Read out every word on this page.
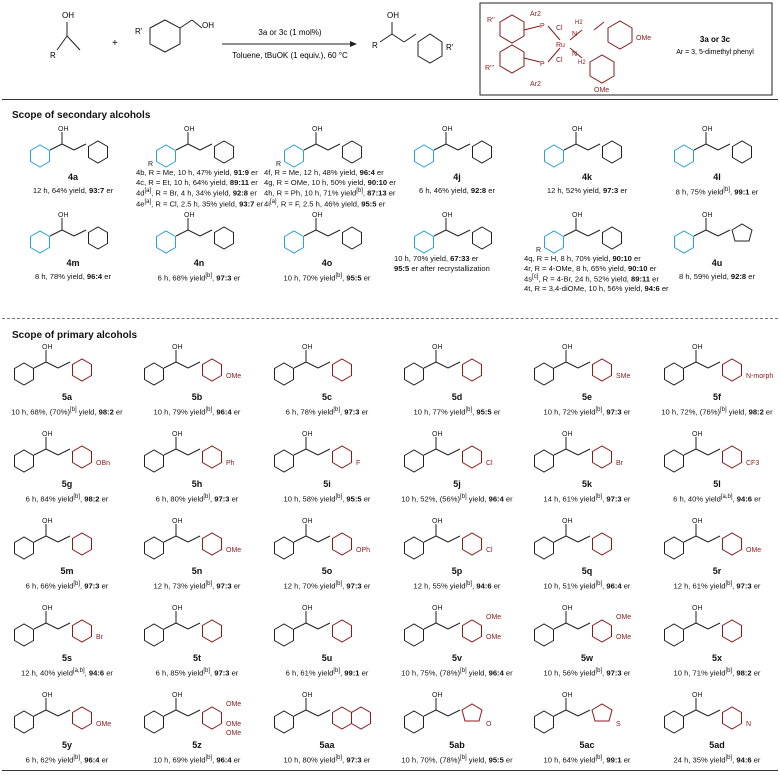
OH
R
+
R'
OH
3a or 3c (1 mol%)
Toluene, tBuOK (1 equiv.), 60 °C
OH
R	R'
R''
R'''
Ar2
Ar2
P
P
Cl
Cl
Ru
H2
H2
N
N
OMe
OMe
3a or 3c
Ar = 3, 5-dimethyl phenyl
Scope of secondary alcohols
OH
4a
12 h, 64% yield, 93:7 er
OH
R
4b, R = Me, 10 h, 47% yield, 91:9 er
4c, R = Et, 10 h, 64% yield, 89:11 er
4d[a], R = Br, 4 h, 34% yield, 92:8 er
4e[a], R = Cl, 2.5 h, 35% yield, 93:7 er
OH
R
4f, R = Me, 12 h, 48% yield, 96:4 er
4g, R = OMe, 10 h, 50% yield, 90:10 er
4h, R = Ph, 10 h, 71% yield[b], 87:13 er
4i[a], R = F, 2.5 h, 46% yield, 95:5 er
OH
4j
6 h, 46% yield, 92:8 er
OH
4k
12 h, 52% yield, 97:3 er
OH
4l
8 h, 75% yield[b], 99:1 er
OH
4m
8 h, 78% yield, 96:4 er
OH
4n
6 h, 68% yield[b], 97:3 er
OH
4o
10 h, 70% yield[b], 95:5 er
OH
10 h, 70% yield, 67:33 er
95:5 er after recrystallization
OH
R
4q, R = H, 8 h, 70% yield, 90:10 er
4r, R = 4-OMe, 8 h, 65% yield, 90:10 er
4s[c], R = 4-Br, 24 h, 52% yield, 89:11 er
4t, R = 3,4-diOMe, 10 h, 56% yield, 94:6 er
OH
4u
8 h, 59% yield, 92:8 er
Scope of primary alcohols
OH
5a
10 h, 68%, (70%)[b] yield, 98:2 er
OH
OMe
5b
10 h, 79% yield[b], 96:4 er
OH
5c
6 h, 78% yield[b], 97:3 er
OH
5d
10 h, 77% yield[b], 95:5 er
OH
SMe
5e
10 h, 72% yield[b], 97:3 er
OH
N-morph
5f
10 h, 72%, (76%)[b] yield, 98:2 er
OH
OBn
5g
6 h, 84% yield[b], 98:2 er
OH
Ph
5h
6 h, 80% yield[b], 97:3 er
OH
F
5i
10 h, 58% yield[b], 95:5 er
OH
Cl
5j
10 h, 52%, (56%)[b] yield, 96:4 er
OH
Br
5k
14 h, 61% yield[b], 97:3 er
OH
CF3
5l
6 h, 40% yield[a,b], 94:6 er
OH
5m
6 h, 66% yield[b], 97:3 er
OH
OMe
5n
12 h, 73% yield[b], 97:3 er
OH
OPh
5o
12 h, 70% yield[b], 97:3 er
OH
Cl
5p
12 h, 55% yield[b], 94:6 er
OH
5q
10 h, 51% yield[b], 96:4 er
OH
OMe
5r
12 h, 61% yield[b], 97:3 er
OH
Br
5s
12 h, 40% yield[a,b], 94:6 er
OH
5t
6 h, 85% yield[b], 97:3 er
OH
5u
6 h, 61% yield[b], 99:1 er
OH
OMe
OMe
5v
10 h, 75%, (78%)[b] yield, 96:4 er
OH
OMe
OMe
5w
10 h, 56% yield[b], 97:3 er
OH
5x
10 h, 71% yield[b], 98:2 er
OH
OMe
5y
6 h, 62% yield[b], 96:4 er
OH
OMe
OMe
OMe
5z
10 h, 69% yield[b], 96:4 er
OH
5aa
10 h, 80% yield[b], 97:3 er
OH
O
5ab
10 h, 70%, (78%)[b] yield, 95:5 er
OH
S
5ac
10 h, 64% yield[b], 99:1 er
OH
N
5ad
24 h, 35% yield[b], 94:6 er
